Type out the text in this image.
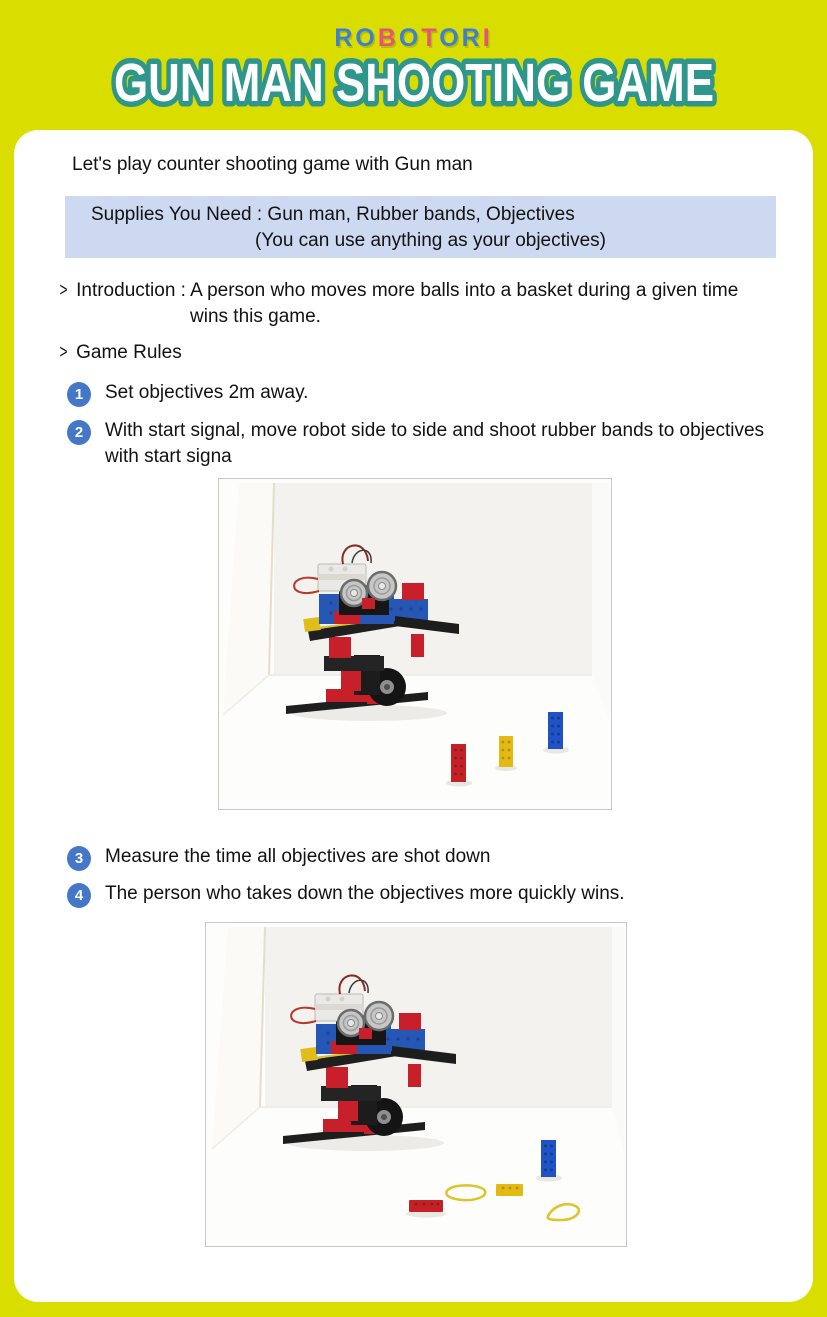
ROBOTORI
GUN MAN SHOOTING GAME
Let's play counter shooting game with Gun man
Supplies You Need : Gun man, Rubber bands, Objectives
(You can use anything as your objectives)
> Introduction : A person who moves more balls into a basket during a given time
wins this game.
> Game Rules
1	Set objectives 2m away.
2	With start signal, move robot side to side and shoot rubber bands to objectives
with start signa
3	Measure the time all objectives are shot down
4	The person who takes down the objectives more quickly wins.
